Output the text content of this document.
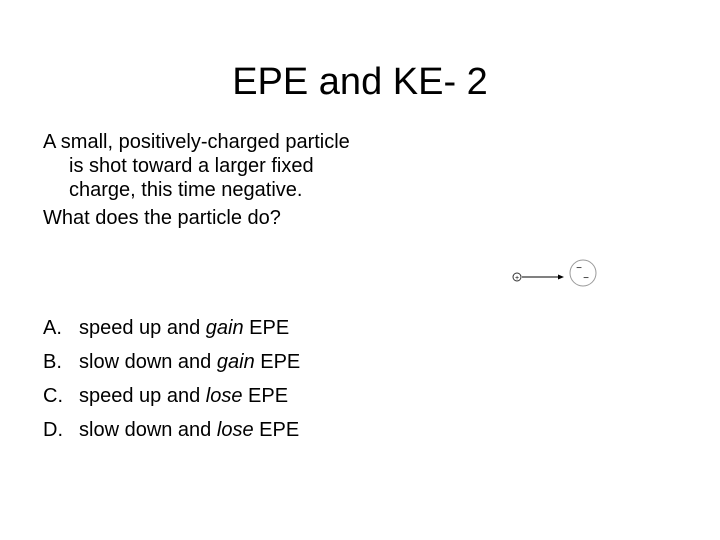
EPE and KE- 2
A small, positively-charged particle is shot toward a larger fixed charge, this time negative.
What does the particle do?
A. speed up and gain EPE
B. slow down and gain EPE
C. speed up and lose EPE
D. slow down and lose EPE
+
−
−
